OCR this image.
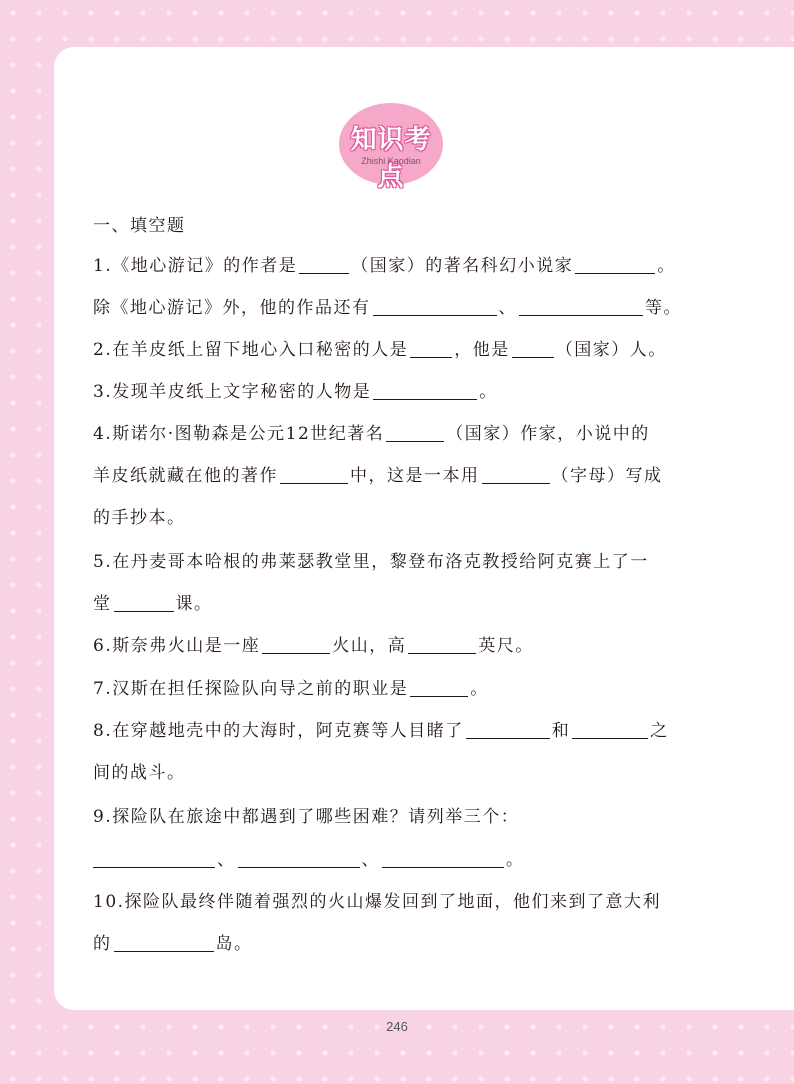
知识考点
Zhishi Kaodian
一、填空题
1.《地心游记》的作者是	（国家）的著名科幻小说家	。
除《地心游记》外，他的作品还有	、	等。
2.在羊皮纸上留下地心入口秘密的人是	，他是	（国家）人。
3.发现羊皮纸上文字秘密的人物是	。
4.斯诺尔·图勒森是公元12世纪著名	（国家）作家，小说中的
羊皮纸就藏在他的著作	中，这是一本用	（字母）写成
的手抄本。
5.在丹麦哥本哈根的弗莱瑟教堂里，黎登布洛克教授给阿克赛上了一
堂	课。
6.斯奈弗火山是一座	火山，高	英尺。
7.汉斯在担任探险队向导之前的职业是	。
8.在穿越地壳中的大海时，阿克赛等人目睹了	和	之
间的战斗。
9.探险队在旅途中都遇到了哪些困难？请列举三个：
、	、	。
10.探险队最终伴随着强烈的火山爆发回到了地面，他们来到了意大利
的	岛。
246
